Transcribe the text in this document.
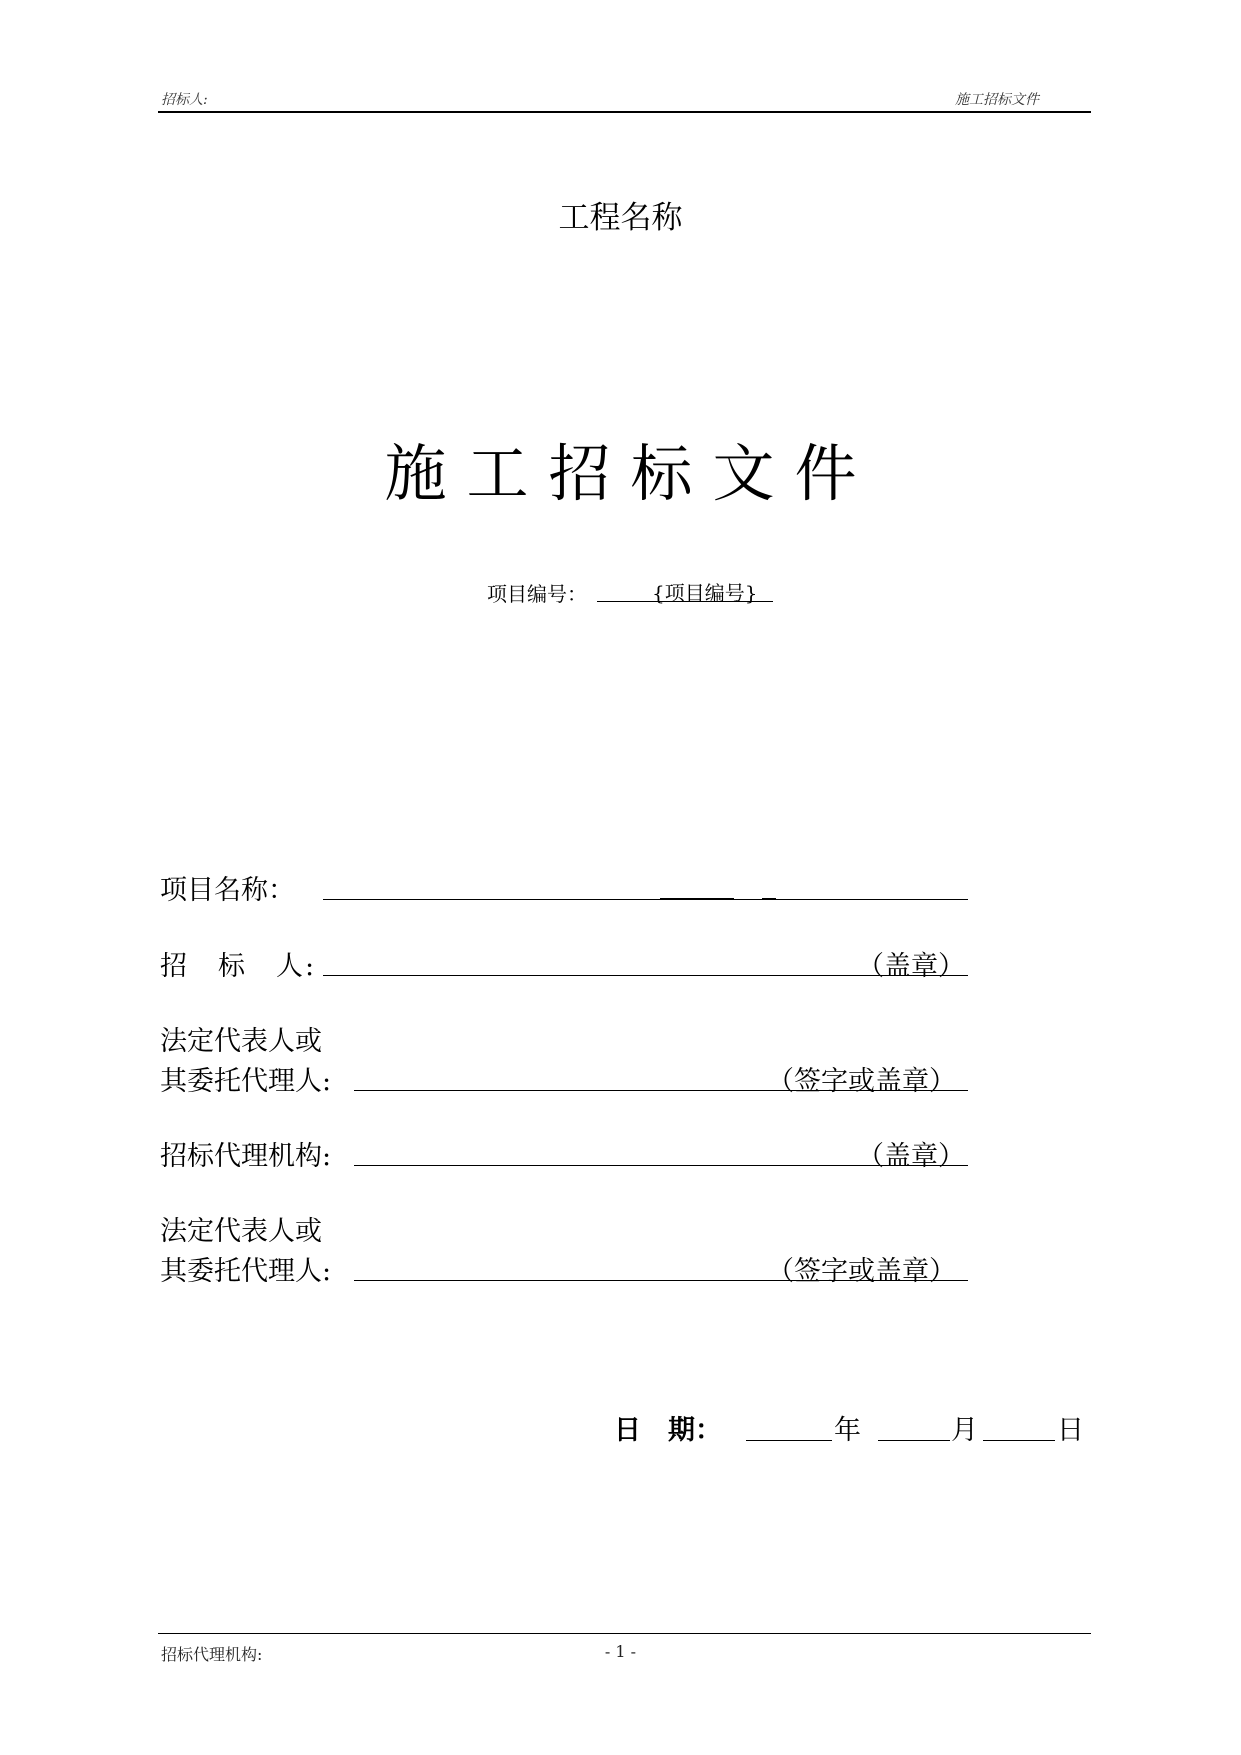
招标人:	施工招标文件
工程名称
施工招标文件
项目编号：	{项目编号}
项目名称：
招　标　人:	（盖章）
法定代表人或
其委托代理人:	（签字或盖章）
招标代理机构:	（盖章）
法定代表人或
其委托代理人:	（签字或盖章）
日　期：	年	月	日
招标代理机构:	- 1 -
